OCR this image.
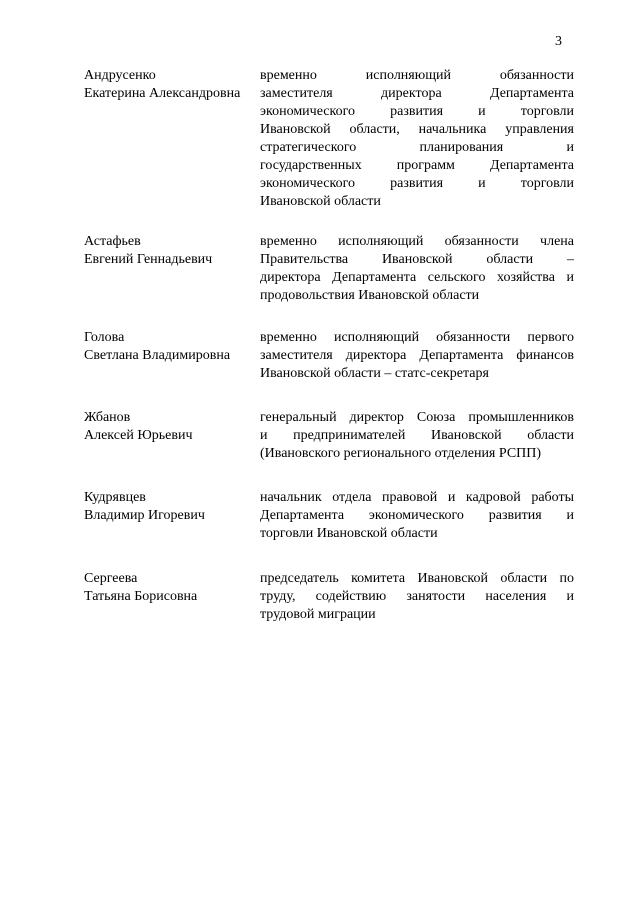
3
Андрусенко
Екатерина Александровна
временно исполняющий обязанности
заместителя директора Департамента
экономического развития и торговли
Ивановской области, начальника управления
стратегического планирования и
государственных программ Департамента
экономического развития и торговли
Ивановской области
Астафьев
Евгений Геннадьевич
временно исполняющий обязанности члена
Правительства Ивановской области –
директора Департамента сельского хозяйства и
продовольствия Ивановской области
Голова
Светлана Владимировна
временно исполняющий обязанности первого
заместителя директора Департамента финансов
Ивановской области – статс-секретаря
Жбанов
Алексей Юрьевич
генеральный директор Союза промышленников
и предпринимателей Ивановской области
(Ивановского регионального отделения РСПП)
Кудрявцев
Владимир Игоревич
начальник отдела правовой и кадровой работы
Департамента экономического развития и
торговли Ивановской области
Сергеева
Татьяна Борисовна
председатель комитета Ивановской области по
труду, содействию занятости населения и
трудовой миграции
